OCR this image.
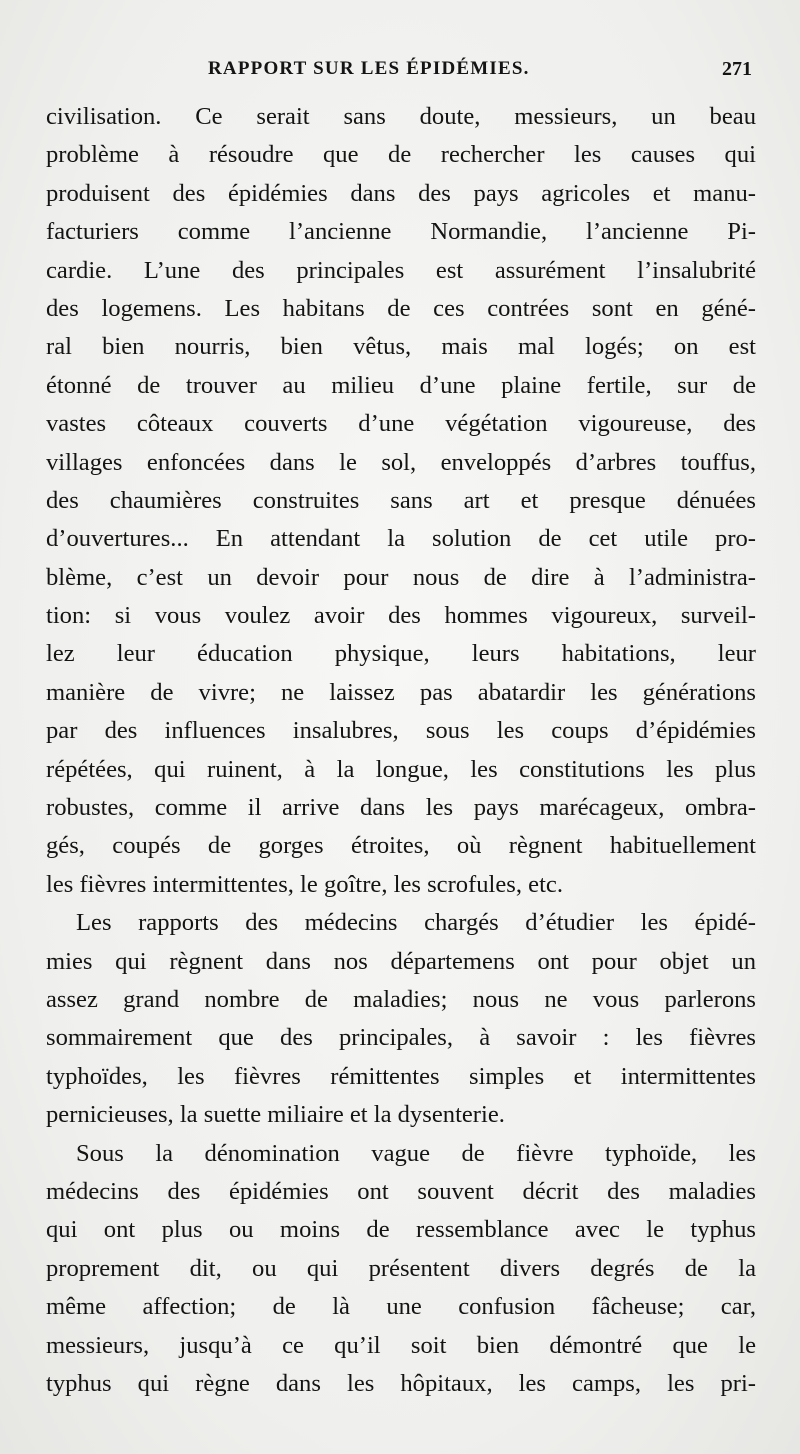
RAPPORT SUR LES ÉPIDÉMIES.	271
civilisation. Ce serait sans doute, messieurs, un beau
problème à résoudre que de rechercher les causes qui
produisent des épidémies dans des pays agricoles et manu-
facturiers comme l’ancienne Normandie, l’ancienne Pi-
cardie. L’une des principales est assurément l’insalubrité
des logemens. Les habitans de ces contrées sont en géné-
ral bien nourris, bien vêtus, mais mal logés; on est
étonné de trouver au milieu d’une plaine fertile, sur de
vastes côteaux couverts d’une végétation vigoureuse, des
villages enfoncées dans le sol, enveloppés d’arbres touffus,
des chaumières construites sans art et presque dénuées
d’ouvertures... En attendant la solution de cet utile pro-
blème, c’est un devoir pour nous de dire à l’administra-
tion: si vous voulez avoir des hommes vigoureux, surveil-
lez leur éducation physique, leurs habitations, leur
manière de vivre; ne laissez pas abatardir les générations
par des influences insalubres, sous les coups d’épidémies
répétées, qui ruinent, à la longue, les constitutions les plus
robustes, comme il arrive dans les pays marécageux, ombra-
gés, coupés de gorges étroites, où règnent habituellement
les fièvres intermittentes, le goître, les scrofules, etc.
Les rapports des médecins chargés d’étudier les épidé-
mies qui règnent dans nos départemens ont pour objet un
assez grand nombre de maladies; nous ne vous parlerons
sommairement que des principales, à savoir : les fièvres
typhoïdes, les fièvres rémittentes simples et intermittentes
pernicieuses, la suette miliaire et la dysenterie.
Sous la dénomination vague de fièvre typhoïde, les
médecins des épidémies ont souvent décrit des maladies
qui ont plus ou moins de ressemblance avec le typhus
proprement dit, ou qui présentent divers degrés de la
même affection; de là une confusion fâcheuse; car,
messieurs, jusqu’à ce qu’il soit bien démontré que le
typhus qui règne dans les hôpitaux, les camps, les pri-
